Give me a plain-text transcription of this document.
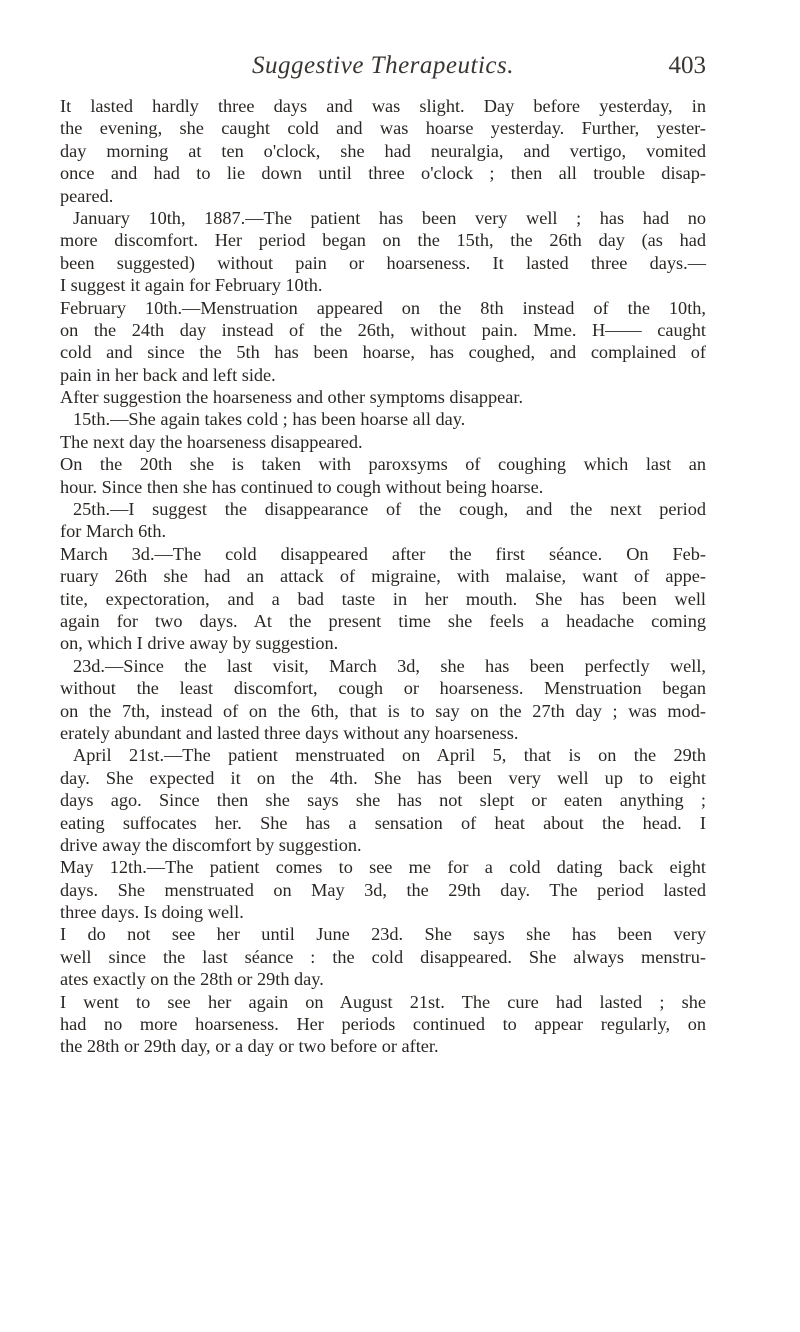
Suggestive Therapeutics.	403
It lasted hardly three days and was slight. Day before yesterday, in
the evening, she caught cold and was hoarse yesterday. Further, yester-
day morning at ten o'clock, she had neuralgia, and vertigo, vomited
once and had to lie down until three o'clock ; then all trouble disap-
peared.
January 10th, 1887.—The patient has been very well ; has had no
more discomfort. Her period began on the 15th, the 26th day (as had
been suggested) without pain or hoarseness. It lasted three days.—
I suggest it again for February 10th.
February 10th.—Menstruation appeared on the 8th instead of the 10th,
on the 24th day instead of the 26th, without pain. Mme. H—— caught
cold and since the 5th has been hoarse, has coughed, and complained of
pain in her back and left side.
After suggestion the hoarseness and other symptoms disappear.
15th.—She again takes cold ; has been hoarse all day.
The next day the hoarseness disappeared.
On the 20th she is taken with paroxsyms of coughing which last an
hour. Since then she has continued to cough without being hoarse.
25th.—I suggest the disappearance of the cough, and the next period
for March 6th.
March 3d.—The cold disappeared after the first séance. On Feb-
ruary 26th she had an attack of migraine, with malaise, want of appe-
tite, expectoration, and a bad taste in her mouth. She has been well
again for two days. At the present time she feels a headache coming
on, which I drive away by suggestion.
23d.—Since the last visit, March 3d, she has been perfectly well,
without the least discomfort, cough or hoarseness. Menstruation began
on the 7th, instead of on the 6th, that is to say on the 27th day ; was mod-
erately abundant and lasted three days without any hoarseness.
April 21st.—The patient menstruated on April 5, that is on the 29th
day. She expected it on the 4th. She has been very well up to eight
days ago. Since then she says she has not slept or eaten anything ;
eating suffocates her. She has a sensation of heat about the head. I
drive away the discomfort by suggestion.
May 12th.—The patient comes to see me for a cold dating back eight
days. She menstruated on May 3d, the 29th day. The period lasted
three days. Is doing well.
I do not see her until June 23d. She says she has been very
well since the last séance : the cold disappeared. She always menstru-
ates exactly on the 28th or 29th day.
I went to see her again on August 21st. The cure had lasted ; she
had no more hoarseness. Her periods continued to appear regularly, on
the 28th or 29th day, or a day or two before or after.
